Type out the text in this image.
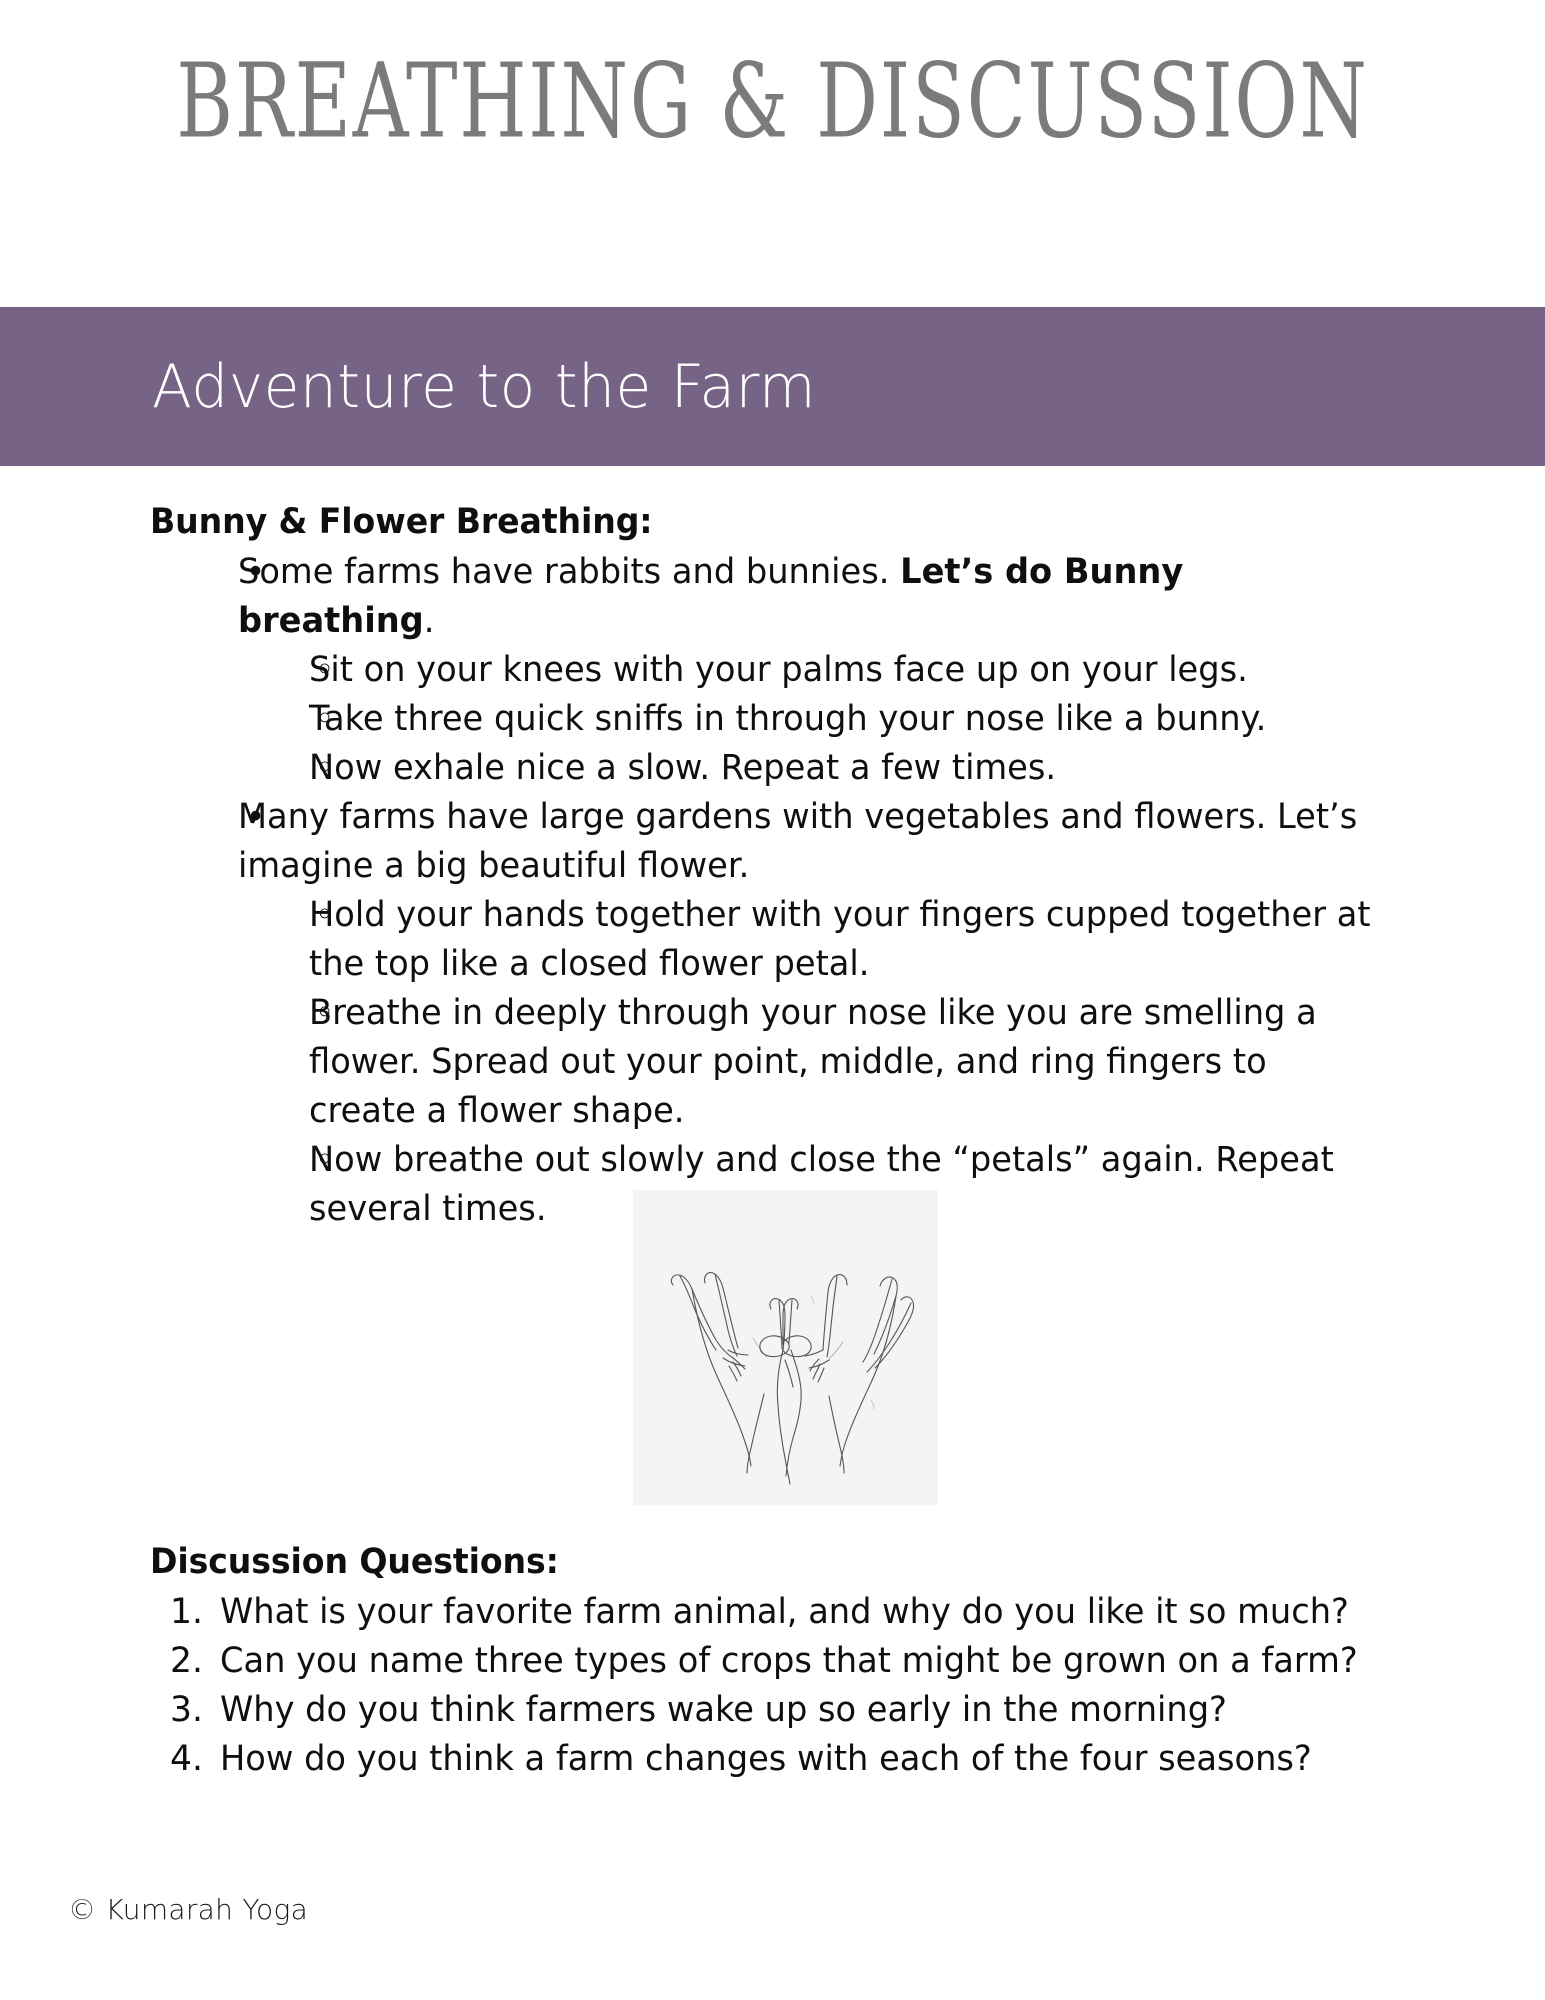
BREATHING & DISCUSSION
Adventure to the Farm
Bunny & Flower Breathing:
• Some farms have rabbits and bunnies. Let’s do Bunny breathing.
◦ Sit on your knees with your palms face up on your legs.
◦ Take three quick sniffs in through your nose like a bunny.
◦ Now exhale nice a slow. Repeat a few times.
• Many farms have large gardens with vegetables and flowers. Let’s imagine a big beautiful flower.
◦ Hold your hands together with your fingers cupped together at the top like a closed flower petal.
◦ Breathe in deeply through your nose like you are smelling a flower. Spread out your point, middle, and ring fingers to create a flower shape.
◦ Now breathe out slowly and close the “petals” again. Repeat several times.
Discussion Questions:
1. What is your favorite farm animal, and why do you like it so much?
2. Can you name three types of crops that might be grown on a farm?
3. Why do you think farmers wake up so early in the morning?
4. How do you think a farm changes with each of the four seasons?
© Kumarah Yoga
